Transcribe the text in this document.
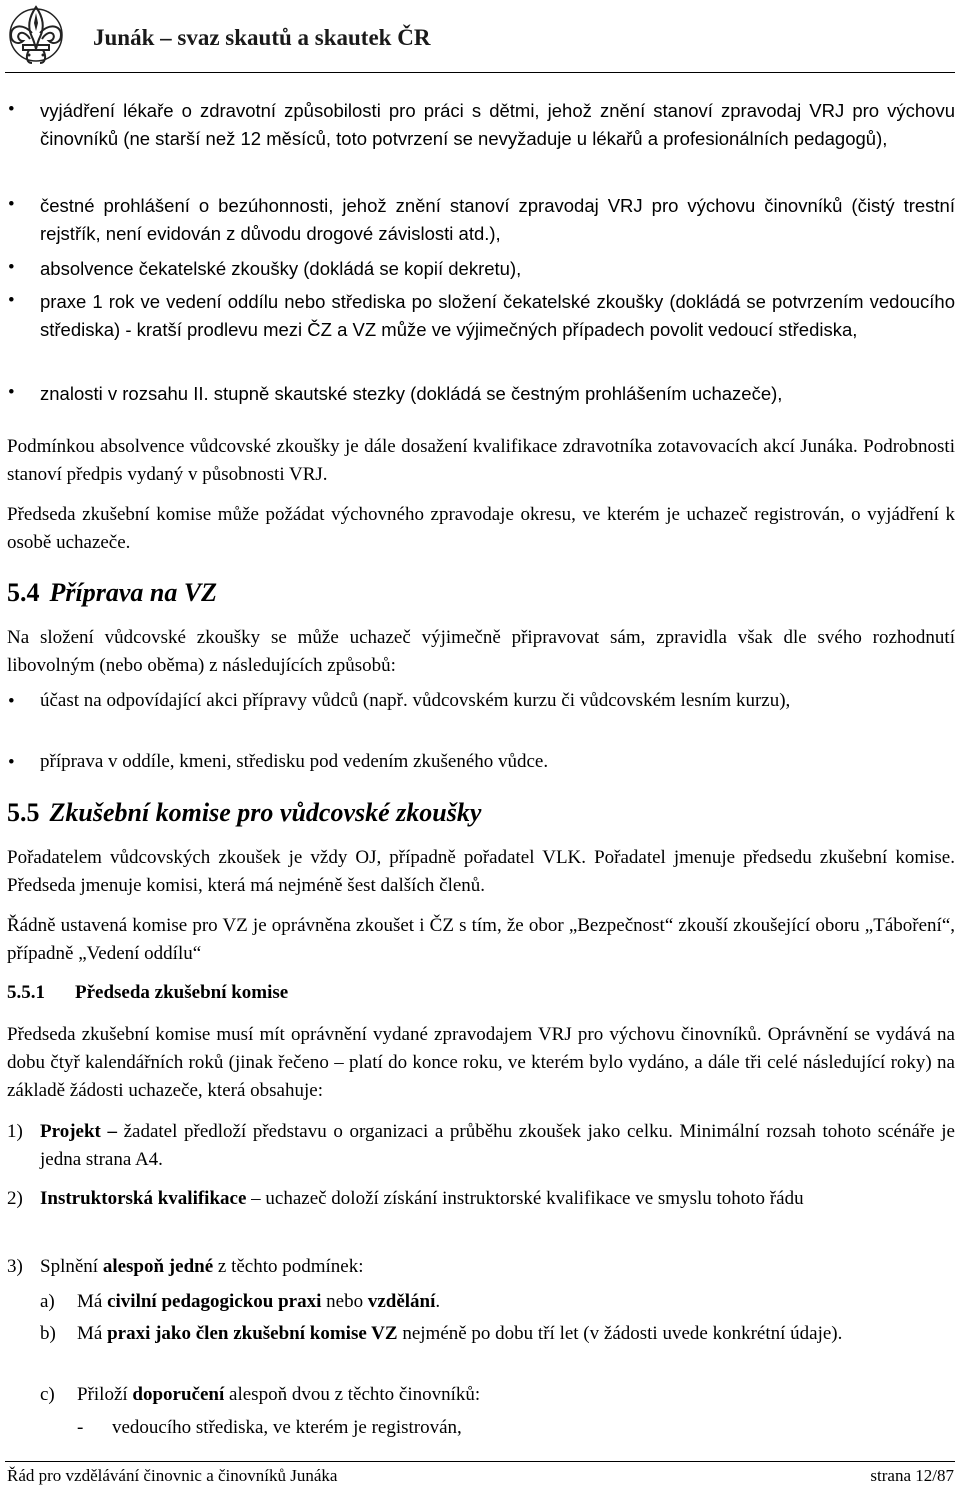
Junák – svaz skautů a skautek ČR
• vyjádření lékaře o zdravotní způsobilosti pro práci s dětmi, jehož znění stanoví zpravodaj VRJ pro výchovu činovníků (ne starší než 12 měsíců, toto potvrzení se nevyžaduje u lékařů a profesionálních pedagogů),
• čestné prohlášení o bezúhonnosti, jehož znění stanoví zpravodaj VRJ pro výchovu činovníků (čistý trestní rejstřík, není evidován z důvodu drogové závislosti atd.),
• absolvence čekatelské zkoušky (dokládá se kopií dekretu),
• praxe 1 rok ve vedení oddílu nebo střediska po složení čekatelské zkoušky (dokládá se potvrzením vedoucího střediska) - kratší prodlevu mezi ČZ a VZ může ve výjimečných případech povolit vedoucí střediska,
• znalosti v rozsahu II. stupně skautské stezky (dokládá se čestným prohlášením uchazeče),
Podmínkou absolvence vůdcovské zkoušky je dále dosažení kvalifikace zdravotníka zotavovacích akcí Junáka. Podrobnosti stanoví předpis vydaný v působnosti VRJ.
Předseda zkušební komise může požádat výchovného zpravodaje okresu, ve kterém je uchazeč registrován, o vyjádření k osobě uchazeče.
5.4 Příprava na VZ
Na složení vůdcovské zkoušky se může uchazeč výjimečně připravovat sám, zpravidla však dle svého rozhodnutí libovolným (nebo oběma) z následujících způsobů:
• účast na odpovídající akci přípravy vůdců (např. vůdcovském kurzu či vůdcovském lesním kurzu),
• příprava v oddíle, kmeni, středisku pod vedením zkušeného vůdce.
5.5 Zkušební komise pro vůdcovské zkoušky
Pořadatelem vůdcovských zkoušek je vždy OJ, případně pořadatel VLK. Pořadatel jmenuje předsedu zkušební komise. Předseda jmenuje komisi, která má nejméně šest dalších členů.
Řádně ustavená komise pro VZ je oprávněna zkoušet i ČZ s tím, že obor „Bezpečnost“ zkouší zkoušející oboru „Táboření“, případně „Vedení oddílu“
5.5.1 Předseda zkušební komise
Předseda zkušební komise musí mít oprávnění vydané zpravodajem VRJ pro výchovu činovníků. Oprávnění se vydává na dobu čtyř kalendářních roků (jinak řečeno – platí do konce roku, ve kterém bylo vydáno, a dále tři celé následující roky) na základě žádosti uchazeče, která obsahuje:
1) Projekt – žadatel předloží představu o organizaci a průběhu zkoušek jako celku. Minimální rozsah tohoto scénáře je jedna strana A4.
2) Instruktorská kvalifikace – uchazeč doloží získání instruktorské kvalifikace ve smyslu tohoto řádu
3) Splnění alespoň jedné z těchto podmínek:
a) Má civilní pedagogickou praxi nebo vzdělání.
b) Má praxi jako člen zkušební komise VZ nejméně po dobu tří let (v žádosti uvede konkrétní údaje).
c) Přiloží doporučení alespoň dvou z těchto činovníků:
- vedoucího střediska, ve kterém je registrován,
Řád pro vzdělávání činovnic a činovníků Junáka	strana 12/87
